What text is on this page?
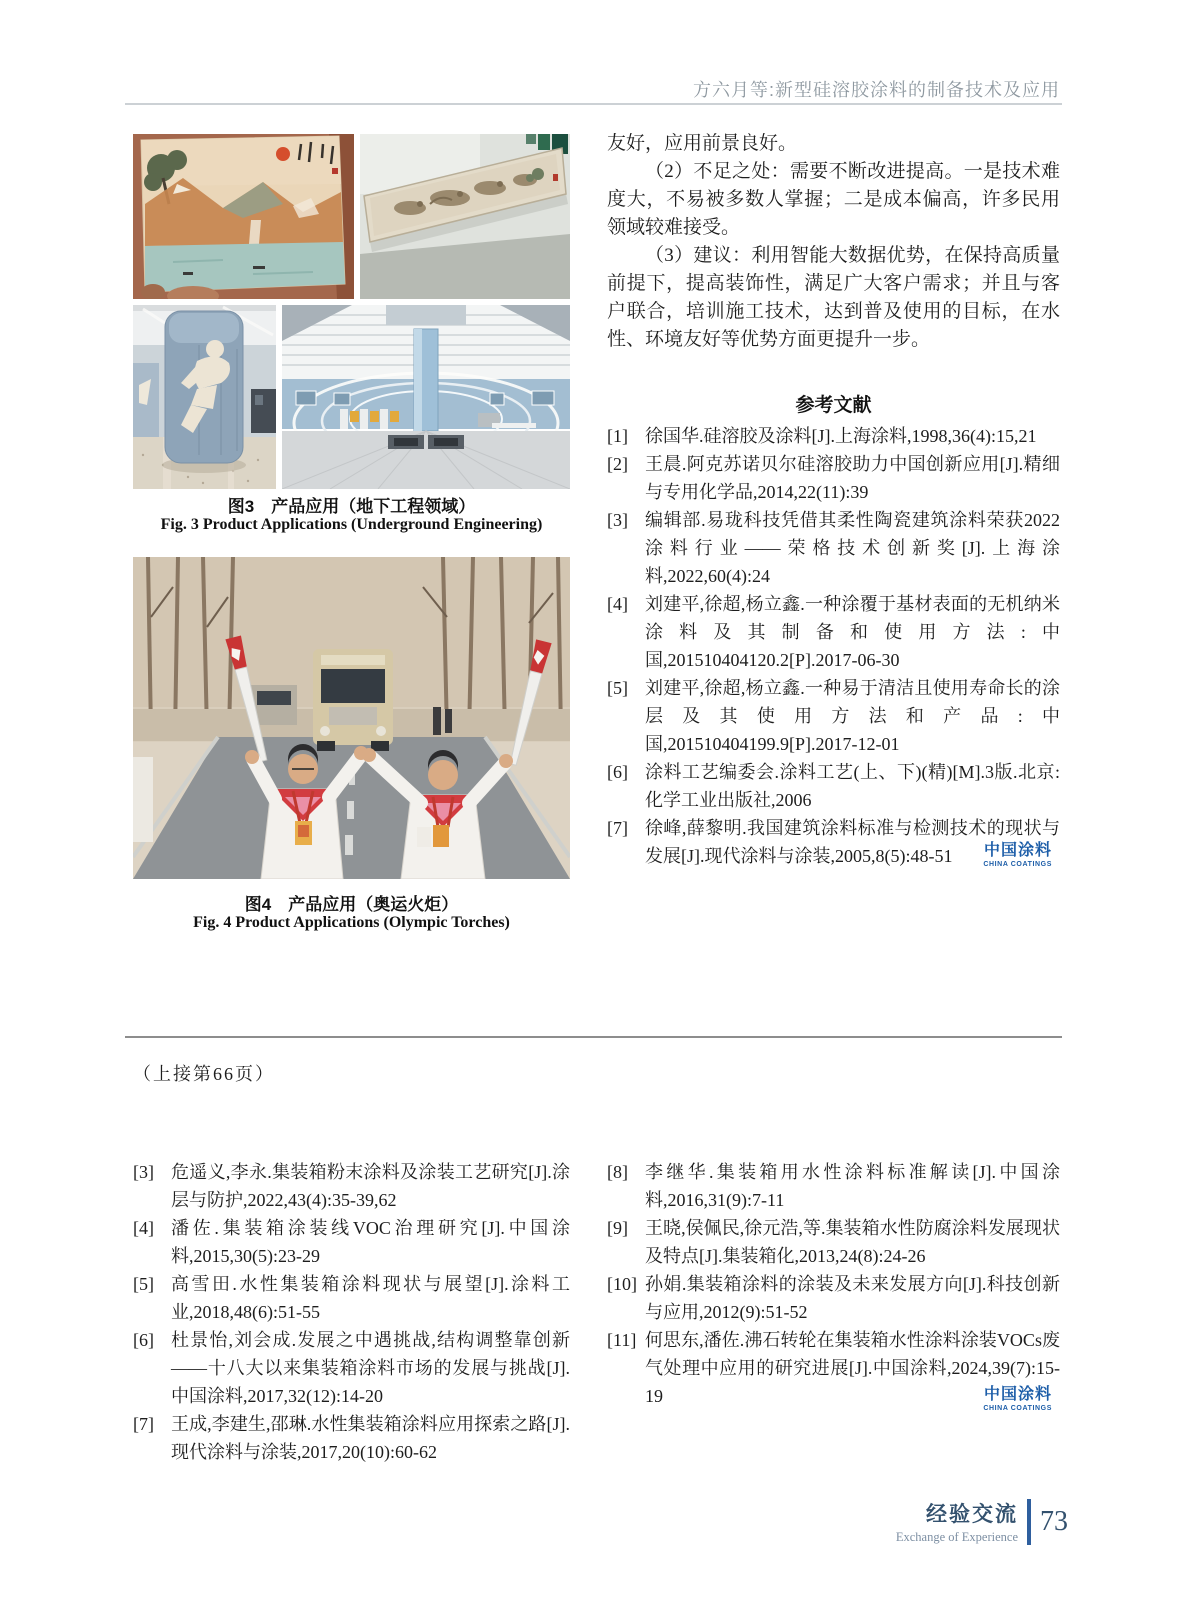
方六月等:新型硅溶胶涂料的制备技术及应用
图3　产品应用（地下工程领域）
Fig. 3 Product Applications (Underground Engineering)
图4　产品应用（奥运火炬）
Fig. 4 Product Applications (Olympic Torches)

友好，应用前景良好。

（2）不足之处：需要不断改进提高。一是技术难度大，不易被多数人掌握；二是成本偏高，许多民用领域较难接受。

（3）建议：利用智能大数据优势，在保持高质量前提下，提高装饰性，满足广大客户需求；并且与客户联合，培训施工技术，达到普及使用的目标，在水性、环境友好等优势方面更提升一步。

参考文献
[1] 徐国华.硅溶胶及涂料[J].上海涂料,1998,36(4):15,21
[2] 王晨.阿克苏诺贝尔硅溶胶助力中国创新应用[J].精细与专用化学品,2014,22(11):39
[3] 编辑部.易珑科技凭借其柔性陶瓷建筑涂料荣获2022涂料行业——荣格技术创新奖[J].上海涂料,2022,60(4):24
[4] 刘建平,徐超,杨立鑫.一种涂覆于基材表面的无机纳米涂料及其制备和使用方法:中国,201510404120.2[P].2017-06-30
[5] 刘建平,徐超,杨立鑫.一种易于清洁且使用寿命长的涂层及其使用方法和产品:中国,201510404199.9[P].2017-12-01
[6] 涂料工艺编委会.涂料工艺(上、下)(精)[M].3版.北京:化学工业出版社,2006
[7] 徐峰,薛黎明.我国建筑涂料标准与检测技术的现状与发展[J].现代涂料与涂装,2005,8(5):48-51	中国涂料
CHINA COATINGS
（上接第66页）
[3] 危遥义,李永.集装箱粉末涂料及涂装工艺研究[J].涂层与防护,2022,43(4):35-39,62
[4] 潘佐.集装箱涂装线VOC治理研究[J].中国涂料,2015,30(5):23-29
[5] 高雪田.水性集装箱涂料现状与展望[J].涂料工业,2018,48(6):51-55
[6] 杜景怡,刘会成.发展之中遇挑战,结构调整靠创新——十八大以来集装箱涂料市场的发展与挑战[J].中国涂料,2017,32(12):14-20
[7] 王成,李建生,邵琳.水性集装箱涂料应用探索之路[J].现代涂料与涂装,2017,20(10):60-62
[8] 李继华.集装箱用水性涂料标准解读[J].中国涂料,2016,31(9):7-11
[9] 王晓,侯佩民,徐元浩,等.集装箱水性防腐涂料发展现状及特点[J].集装箱化,2013,24(8):24-26
[10] 孙娟.集装箱涂料的涂装及未来发展方向[J].科技创新与应用,2012(9):51-52
[11] 何思东,潘佐.沸石转轮在集装箱水性涂料涂装VOCs废气处理中应用的研究进展[J].中国涂料,2024,39(7):15-19	中国涂料
CHINA COATINGS
经验交流
Exchange of Experience
73
